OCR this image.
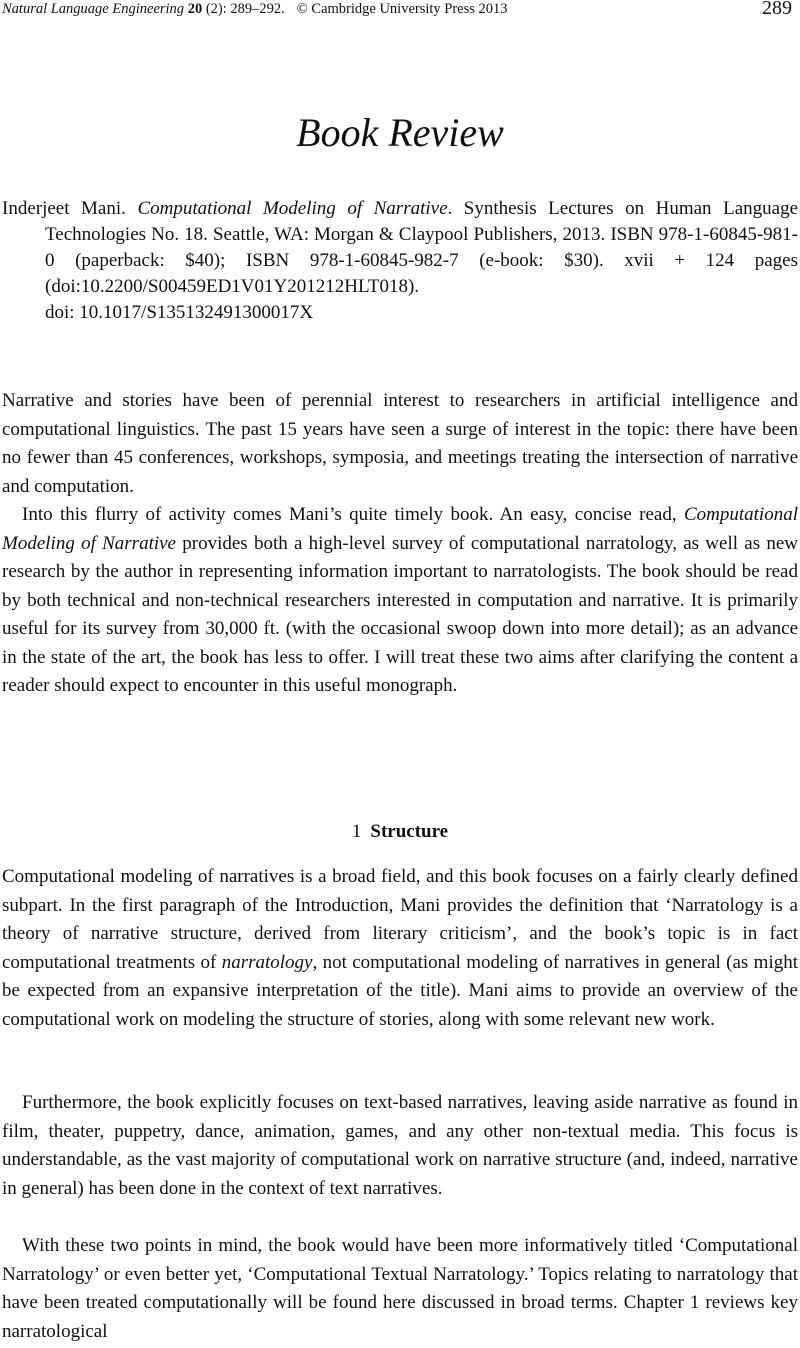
Natural Language Engineering 20 (2): 289–292. © Cambridge University Press 2013	289
Book Review

Inderjeet Mani. Computational Modeling of Narrative. Synthesis Lectures on Human Language Technologies No. 18. Seattle, WA: Morgan & Claypool Publishers, 2013. ISBN 978-1-60845-981-0 (paperback: $40); ISBN 978-1-60845-982-7 (e-book: $30). xvii + 124 pages (doi:10.2200/S00459ED1V01Y201212HLT018).
doi: 10.1017/S135132491300017X

Narrative and stories have been of perennial interest to researchers in artificial intelligence and computational linguistics. The past 15 years have seen a surge of interest in the topic: there have been no fewer than 45 conferences, workshops, symposia, and meetings treating the intersection of narrative and computation.

Into this flurry of activity comes Mani’s quite timely book. An easy, concise read, Computational Modeling of Narrative provides both a high-level survey of computational narratology, as well as new research by the author in representing information important to narratologists. The book should be read by both technical and non-technical researchers interested in computation and narrative. It is primarily useful for its survey from 30,000 ft. (with the occasional swoop down into more detail); as an advance in the state of the art, the book has less to offer. I will treat these two aims after clarifying the content a reader should expect to encounter in this useful monograph.

1 Structure

Computational modeling of narratives is a broad field, and this book focuses on a fairly clearly defined subpart. In the first paragraph of the Introduction, Mani provides the definition that ‘Narratology is a theory of narrative structure, derived from literary criticism’, and the book’s topic is in fact computational treatments of narratology, not computational modeling of narratives in general (as might be expected from an expansive interpretation of the title). Mani aims to provide an overview of the computational work on modeling the structure of stories, along with some relevant new work.

Furthermore, the book explicitly focuses on text-based narratives, leaving aside narrative as found in film, theater, puppetry, dance, animation, games, and any other non-textual media. This focus is understandable, as the vast majority of computational work on narrative structure (and, indeed, narrative in general) has been done in the context of text narratives.

With these two points in mind, the book would have been more informatively titled ‘Computational Narratology’ or even better yet, ‘Computational Textual Narratology.’ Topics relating to narratology that have been treated computationally will be found here discussed in broad terms. Chapter 1 reviews key narratological
